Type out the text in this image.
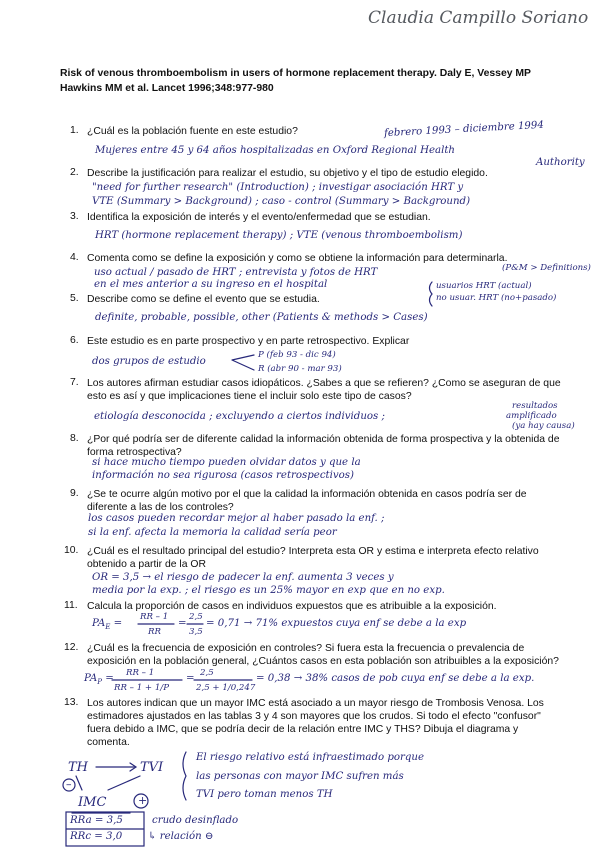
Claudia Campillo Soriano
Risk of venous thromboembolism in users of hormone replacement therapy. Daly E, Vessey MP
Hawkins MM et al. Lancet 1996;348:977-980
1. ¿Cuál es la población fuente en este estudio?
2. Describe la justificación para realizar el estudio, su objetivo y el tipo de estudio elegido.
3. Identifica la exposición de interés y el evento/enfermedad que se estudian.
4. Comenta como se define la exposición y como se obtiene la información para determinarla.
5. Describe como se define el evento que se estudia.
6. Este estudio es en parte prospectivo y en parte retrospectivo. Explicar
7. Los autores afirman estudiar casos idiopáticos. ¿Sabes a que se refieren? ¿Como se aseguran de que
esto es así y que implicaciones tiene el incluir solo este tipo de casos?
8. ¿Por qué podría ser de diferente calidad la información obtenida de forma prospectiva y la obtenida de
forma retrospectiva?
9. ¿Se te ocurre algún motivo por el que la calidad la información obtenida en casos podría ser de
diferente a las de los controles?
10. ¿Cuál es el resultado principal del estudio? Interpreta esta OR y estima e interpreta efecto relativo
obtenido a partir de la OR
11. Calcula la proporción de casos en individuos expuestos que es atribuible a la exposición.
12. ¿Cuál es la frecuencia de exposición en controles? Si fuera esta la frecuencia o prevalencia de
exposición en la población general, ¿Cuántos casos en esta población son atribuibles a la exposición?
13. Los autores indican que un mayor IMC está asociado a un mayor riesgo de Trombosis Venosa. Los
estimadores ajustados en las tablas 3 y 4 son mayores que los crudos. Si todo el efecto "confusor"
fuera debido a IMC, que se podría decir de la relación entre IMC y THS? Dibuja el diagrama y
comenta.
febrero 1993 – diciembre 1994
Mujeres entre 45 y 64 años hospitalizadas en Oxford Regional Health
Authority
"need for further research" (Introduction) ; investigar asociación HRT y
VTE (Summary > Background) ; caso - control (Summary > Background)
HRT (hormone replacement therapy) ; VTE (venous thromboembolism)
(P&M > Definitions)
uso actual / pasado de HRT ; entrevista y fotos de HRT
en el mes anterior a su ingreso en el hospital	usuarios HRT (actual)
no usuar. HRT (no+pasado)
definite, probable, possible, other (Patients & methods > Cases)
dos grupos de estudio
P (feb 93 - dic 94)
R (abr 90 - mar 93)
resultados
amplificado
etiología desconocida ; excluyendo a ciertos individuos ;
(ya hay causa)
si hace mucho tiempo pueden olvidar datos y que la
información no sea rigurosa (casos retrospectivos)
los casos pueden recordar mejor al haber pasado la enf. ;
si la enf. afecta la memoria la calidad sería peor
OR = 3,5 → el riesgo de padecer la enf. aumenta 3 veces y
media por la exp. ; el riesgo es un 25% mayor en exp que en no exp.
$PA_E$ =
RR – 1
RR
=
2,5
3,5
= 0,71 → 71% expuestos cuya enf se debe a la exp
$PA_P$ = RR – 1
RR – 1 + 1/P
= 2,5
2,5 + 1/0,247
= 0,38 → 38% casos de pob cuya enf se debe a la exp.
TH	TVI
IMC
–
+
El riesgo relativo está infraestimado porque
las personas con mayor IMC sufren más
TVI pero toman menos TH
RRa = 3,5
RRc = 3,0
crudo desinflado
↳ relación ⊖
